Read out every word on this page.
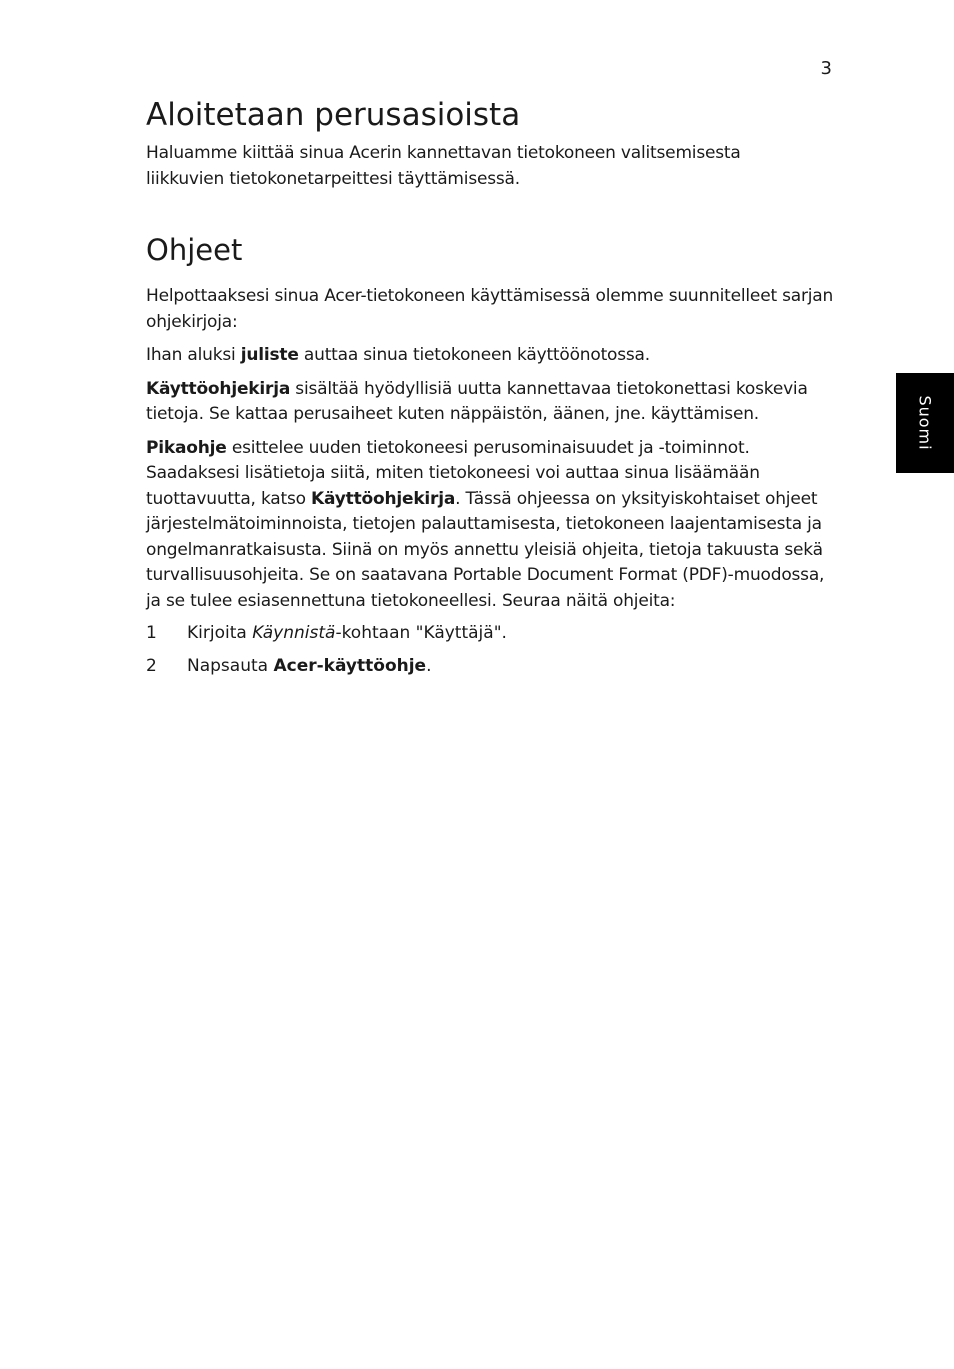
3
Suomi
Aloitetaan perusasioista

Haluamme kiittää sinua Acerin kannettavan tietokoneen valitsemisesta
liikkuvien tietokonetarpeittesi täyttämisessä.

Ohjeet

Helpottaaksesi sinua Acer-tietokoneen käyttämisessä olemme suunnitelleet sarjan ohjekirjoja:

Ihan aluksi juliste auttaa sinua tietokoneen käyttöönotossa.

Käyttöohjekirja sisältää hyödyllisiä uutta kannettavaa tietokonettasi koskevia tietoja. Se kattaa perusaiheet kuten näppäistön, äänen, jne. käyttämisen.

Pikaohje esittelee uuden tietokoneesi perusominaisuudet ja -toiminnot. Saadaksesi lisätietoja siitä, miten tietokoneesi voi auttaa sinua lisäämään tuottavuutta, katso Käyttöohjekirja. Tässä ohjeessa on yksityiskohtaiset ohjeet järjestelmätoiminnoista, tietojen palauttamisesta, tietokoneen laajentamisesta ja ongelmanratkaisusta. Siinä on myös annettu yleisiä ohjeita, tietoja takuusta sekä turvallisuusohjeita. Se on saatavana Portable Document Format (PDF)-muodossa, ja se tulee esiasennettuna tietokoneellesi. Seuraa näitä ohjeita:

1	Kirjoita Käynnistä-kohtaan "Käyttäjä".
2	Napsauta Acer-käyttöohje.
